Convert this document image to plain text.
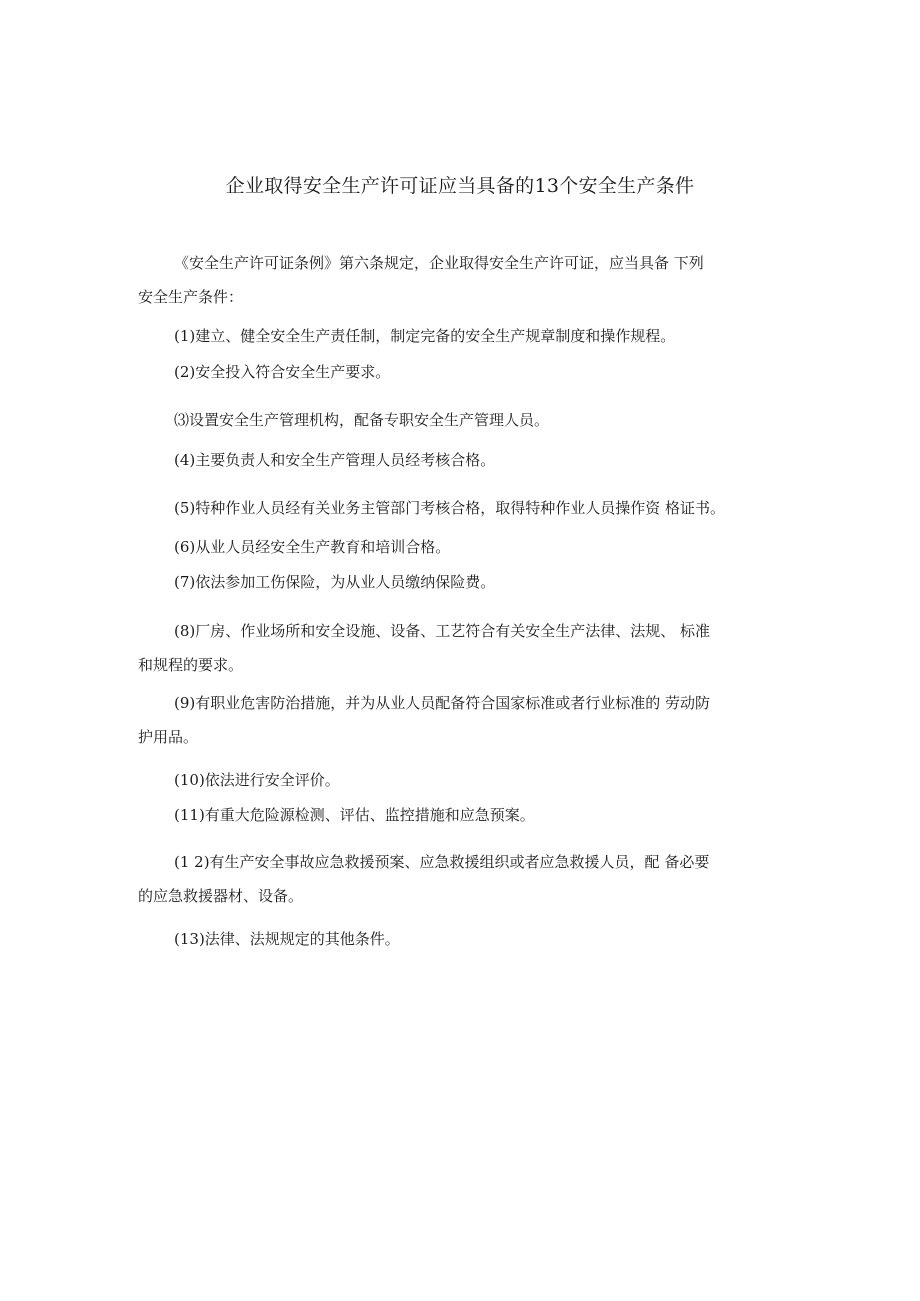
企业取得安全生产许可证应当具备的13个安全生产条件
《安全生产许可证条例》第六条规定，企业取得安全生产许可证，应当具备 下列
安全生产条件：
(1)建立、健全安全生产责任制，制定完备的安全生产规章制度和操作规程。
(2)安全投入符合安全生产要求。
⑶设置安全生产管理机构，配备专职安全生产管理人员。
(4)主要负责人和安全生产管理人员经考核合格。
(5)特种作业人员经有关业务主管部门考核合格，取得特种作业人员操作资 格证书。
(6)从业人员经安全生产教育和培训合格。
(7)依法参加工伤保险，为从业人员缴纳保险费。
(8)厂房、作业场所和安全设施、设备、工艺符合有关安全生产法律、法规、 标准
和规程的要求。
(9)有职业危害防治措施，并为从业人员配备符合国家标准或者行业标准的 劳动防
护用品。
(10)依法进行安全评价。
(11)有重大危险源检测、评估、监控措施和应急预案。
(1 2)有生产安全事故应急救援预案、应急救援组织或者应急救援人员，配 备必要
的应急救援器材、设备。
(13)法律、法规规定的其他条件。
